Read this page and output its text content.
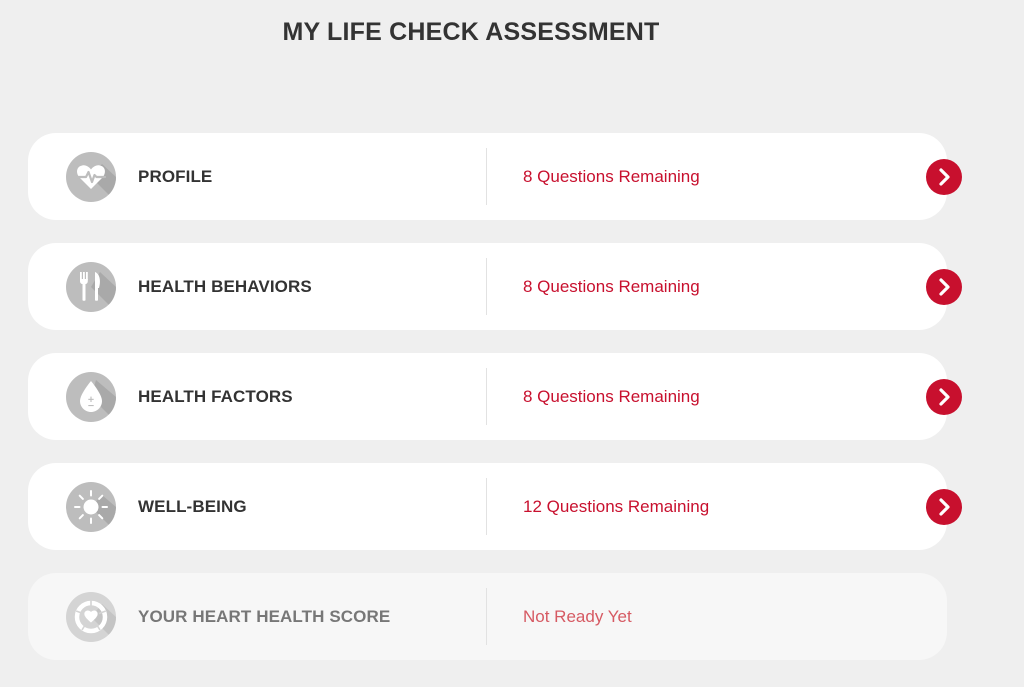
MY LIFE CHECK ASSESSMENT
PROFILE	8 Questions Remaining
HEALTH BEHAVIORS	8 Questions Remaining
HEALTH FACTORS	8 Questions Remaining
WELL-BEING	12 Questions Remaining
YOUR HEART HEALTH SCORE	Not Ready Yet
